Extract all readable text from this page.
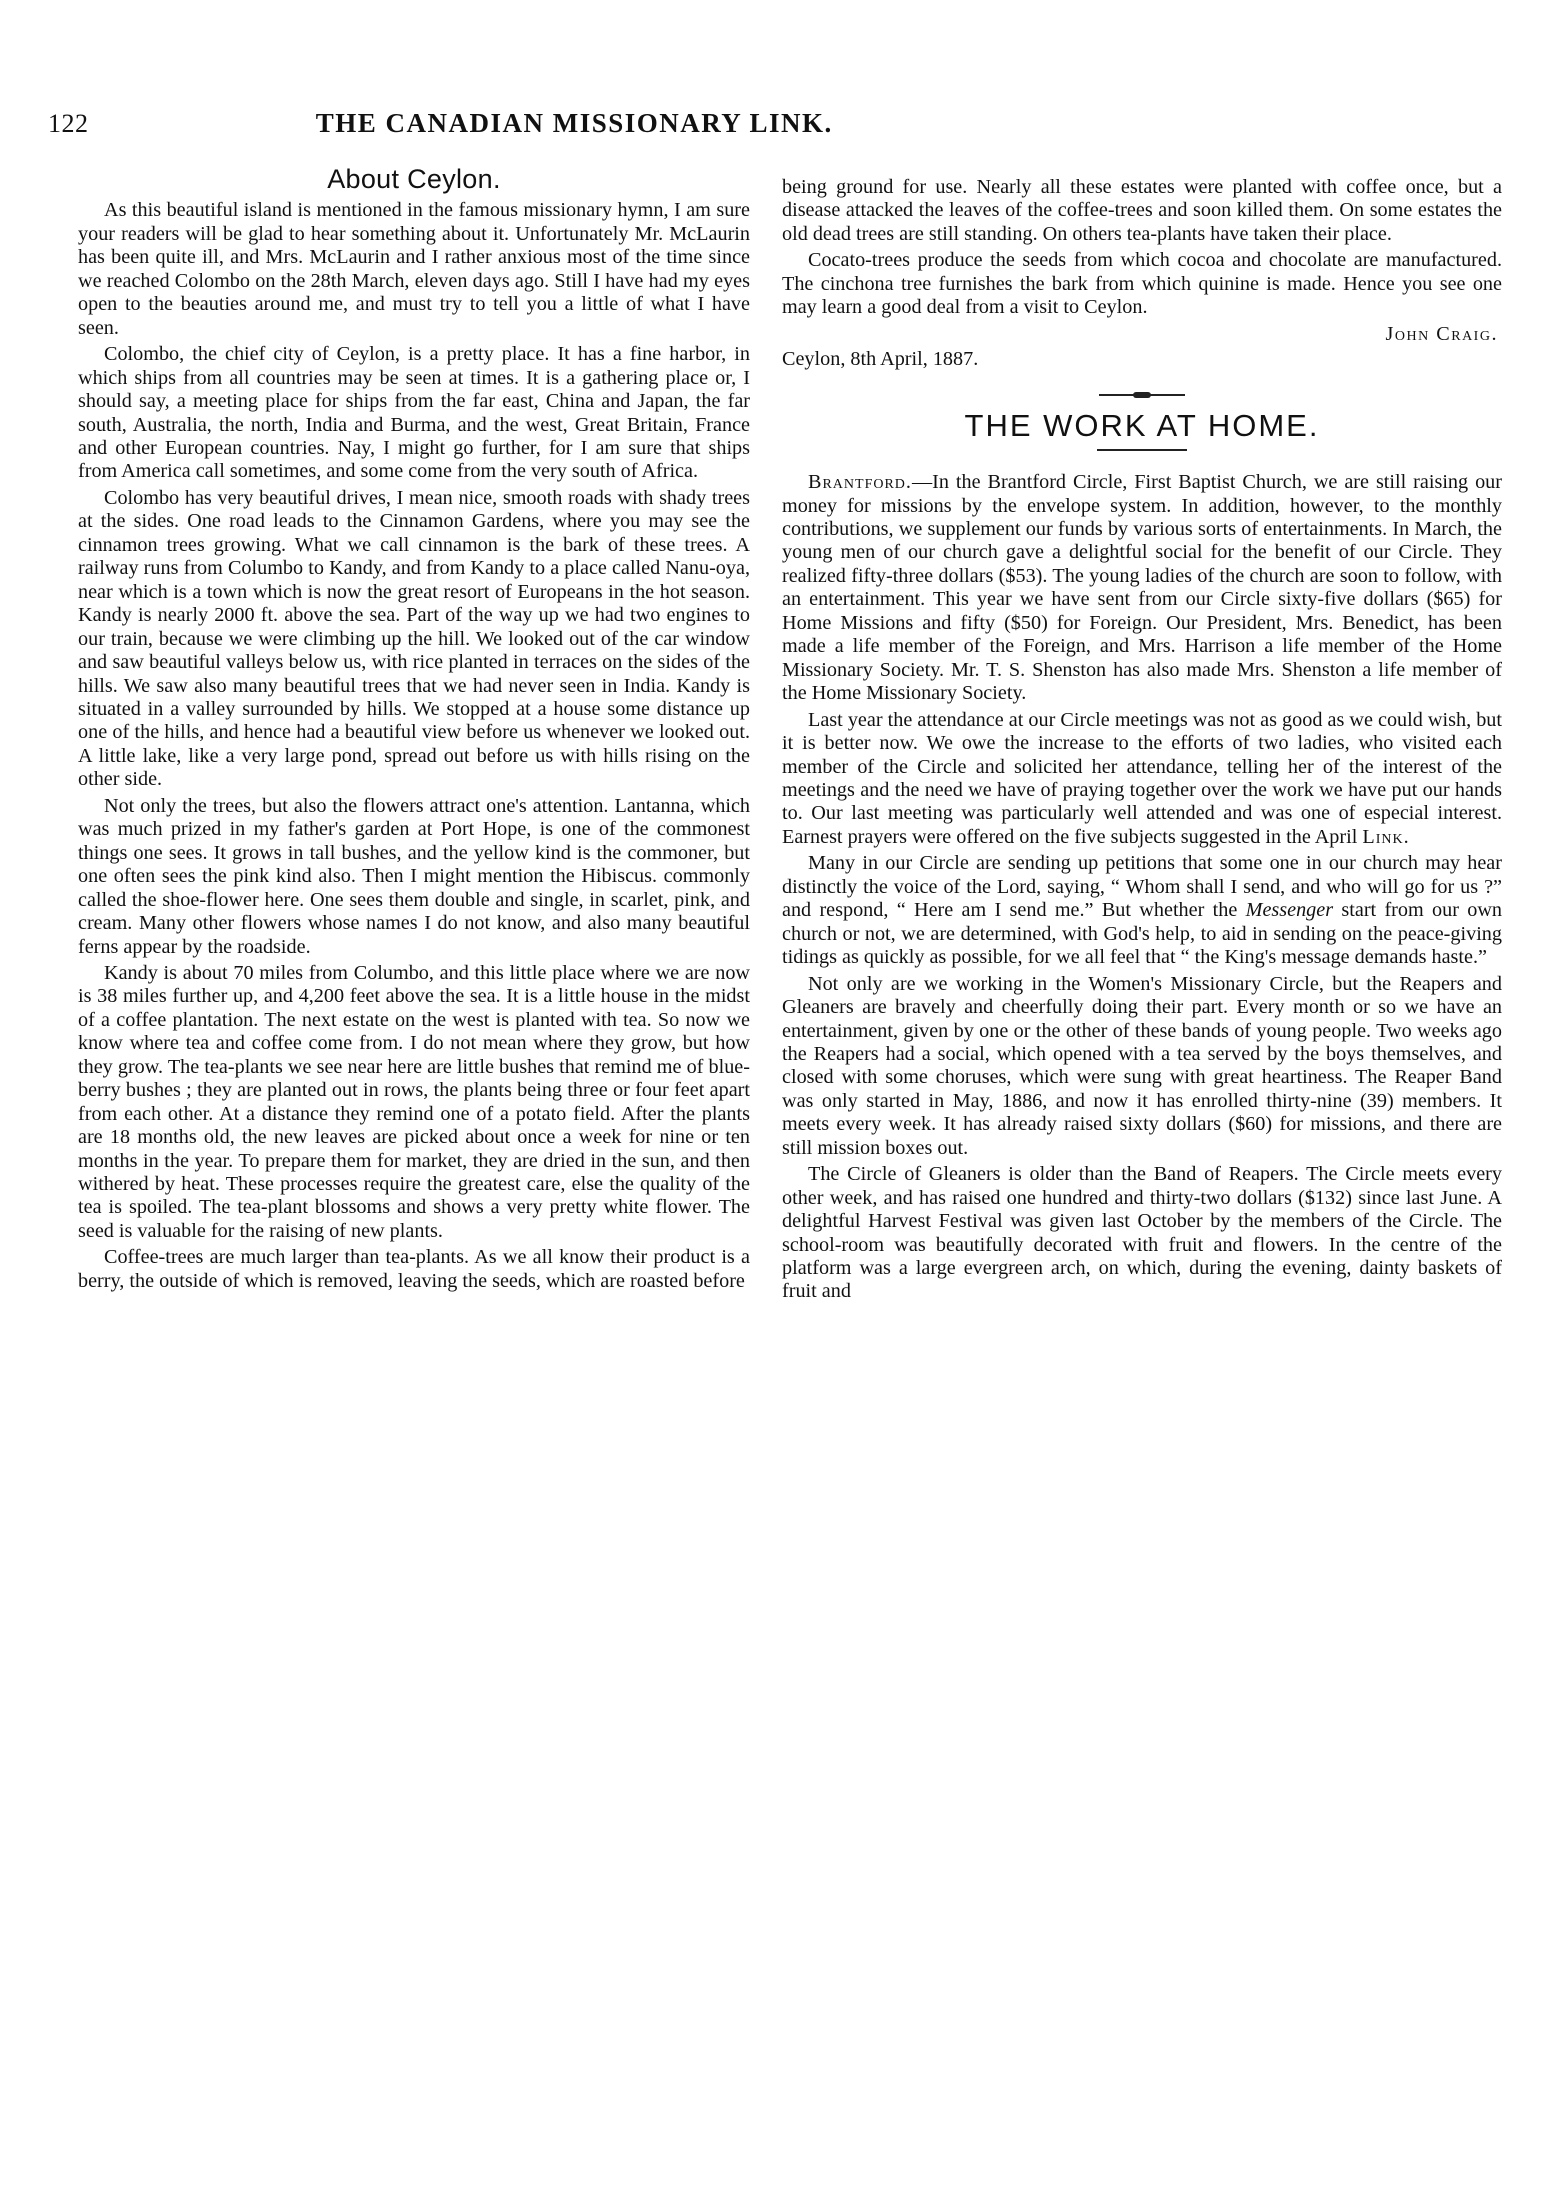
122	THE CANADIAN MISSIONARY LINK.
About Ceylon.

As this beautiful island is mentioned in the famous missionary hymn, I am sure your readers will be glad to hear something about it. Unfortunately Mr. McLaurin has been quite ill, and Mrs. McLaurin and I rather anxious most of the time since we reached Colombo on the 28th March, eleven days ago. Still I have had my eyes open to the beauties around me, and must try to tell you a little of what I have seen.

Colombo, the chief city of Ceylon, is a pretty place. It has a fine harbor, in which ships from all countries may be seen at times. It is a gathering place or, I should say, a meeting place for ships from the far east, China and Japan, the far south, Australia, the north, India and Burma, and the west, Great Britain, France and other European countries. Nay, I might go further, for I am sure that ships from America call sometimes, and some come from the very south of Africa.

Colombo has very beautiful drives, I mean nice, smooth roads with shady trees at the sides. One road leads to the Cinnamon Gardens, where you may see the cinnamon trees growing. What we call cinnamon is the bark of these trees. A railway runs from Columbo to Kandy, and from Kandy to a place called Nanu-oya, near which is a town which is now the great resort of Europeans in the hot season. Kandy is nearly 2000 ft. above the sea. Part of the way up we had two engines to our train, because we were climbing up the hill. We looked out of the car window and saw beautiful valleys below us, with rice planted in terraces on the sides of the hills. We saw also many beautiful trees that we had never seen in India. Kandy is situated in a valley surrounded by hills. We stopped at a house some distance up one of the hills, and hence had a beautiful view before us whenever we looked out. A little lake, like a very large pond, spread out before us with hills rising on the other side.

Not only the trees, but also the flowers attract one's attention. Lantanna, which was much prized in my father's garden at Port Hope, is one of the commonest things one sees. It grows in tall bushes, and the yellow kind is the commoner, but one often sees the pink kind also. Then I might mention the Hibiscus. commonly called the shoe-flower here. One sees them double and single, in scarlet, pink, and cream. Many other flowers whose names I do not know, and also many beautiful ferns appear by the roadside.

Kandy is about 70 miles from Columbo, and this little place where we are now is 38 miles further up, and 4,200 feet above the sea. It is a little house in the midst of a coffee plantation. The next estate on the west is planted with tea. So now we know where tea and coffee come from. I do not mean where they grow, but how they grow. The tea-plants we see near here are little bushes that remind me of blue-berry bushes ; they are planted out in rows, the plants being three or four feet apart from each other. At a distance they remind one of a potato field. After the plants are 18 months old, the new leaves are picked about once a week for nine or ten months in the year. To prepare them for market, they are dried in the sun, and then withered by heat. These processes require the greatest care, else the quality of the tea is spoiled. The tea-plant blossoms and shows a very pretty white flower. The seed is valuable for the raising of new plants.

Coffee-trees are much larger than tea-plants. As we all know their product is a berry, the outside of which is removed, leaving the seeds, which are roasted before

being ground for use. Nearly all these estates were planted with coffee once, but a disease attacked the leaves of the coffee-trees and soon killed them. On some estates the old dead trees are still standing. On others tea-plants have taken their place.

Cocato-trees produce the seeds from which cocoa and chocolate are manufactured. The cinchona tree furnishes the bark from which quinine is made. Hence you see one may learn a good deal from a visit to Ceylon.

John Craig.

Ceylon, 8th April, 1887.

THE WORK AT HOME.

Brantford.—In the Brantford Circle, First Baptist Church, we are still raising our money for missions by the envelope system. In addition, however, to the monthly contributions, we supplement our funds by various sorts of entertainments. In March, the young men of our church gave a delightful social for the benefit of our Circle. They realized fifty-three dollars ($53). The young ladies of the church are soon to follow, with an entertainment. This year we have sent from our Circle sixty-five dollars ($65) for Home Missions and fifty ($50) for Foreign. Our President, Mrs. Benedict, has been made a life member of the Foreign, and Mrs. Harrison a life member of the Home Missionary Society. Mr. T. S. Shenston has also made Mrs. Shenston a life member of the Home Missionary Society.

Last year the attendance at our Circle meetings was not as good as we could wish, but it is better now. We owe the increase to the efforts of two ladies, who visited each member of the Circle and solicited her attendance, telling her of the interest of the meetings and the need we have of praying together over the work we have put our hands to. Our last meeting was particularly well attended and was one of especial interest. Earnest prayers were offered on the five subjects suggested in the April Link.

Many in our Circle are sending up petitions that some one in our church may hear distinctly the voice of the Lord, saying, “ Whom shall I send, and who will go for us ?” and respond, “ Here am I send me.” But whether the Messenger start from our own church or not, we are determined, with God's help, to aid in sending on the peace-giving tidings as quickly as possible, for we all feel that “ the King's message demands haste.”

Not only are we working in the Women's Missionary Circle, but the Reapers and Gleaners are bravely and cheerfully doing their part. Every month or so we have an entertainment, given by one or the other of these bands of young people. Two weeks ago the Reapers had a social, which opened with a tea served by the boys themselves, and closed with some choruses, which were sung with great heartiness. The Reaper Band was only started in May, 1886, and now it has enrolled thirty-nine (39) members. It meets every week. It has already raised sixty dollars ($60) for missions, and there are still mission boxes out.

The Circle of Gleaners is older than the Band of Reapers. The Circle meets every other week, and has raised one hundred and thirty-two dollars ($132) since last June. A delightful Harvest Festival was given last October by the members of the Circle. The school-room was beautifully decorated with fruit and flowers. In the centre of the platform was a large evergreen arch, on which, during the evening, dainty baskets of fruit and
